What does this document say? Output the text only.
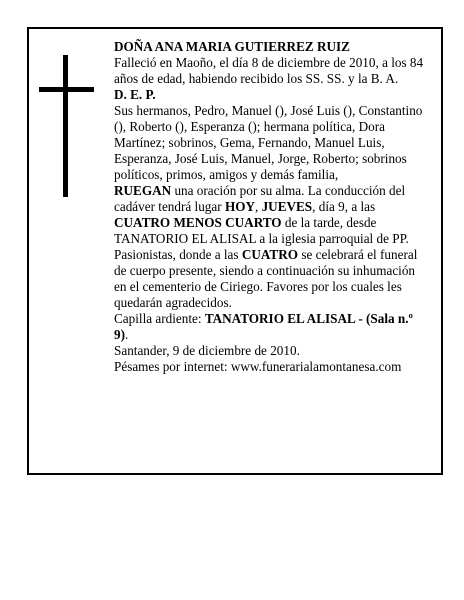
DOÑA ANA MARIA GUTIERREZ RUIZ

Falleció en Maoño, el día 8 de diciembre de 2010, a los 84 años de edad, habiendo recibido los SS. SS. y la B. A.

D. E. P.

Sus hermanos, Pedro, Manuel (), José Luis (), Constantino (), Roberto (), Esperanza (); hermana política, Dora Martínez; sobrinos, Gema, Fernando, Manuel Luis, Esperanza, José Luis, Manuel, Jorge, Roberto; sobrinos políticos, primos, amigos y demás familia,

RUEGAN una oración por su alma. La conducción del cadáver tendrá lugar HOY, JUEVES, día 9, a las CUATRO MENOS CUARTO de la tarde, desde TANATORIO EL ALISAL a la iglesia parroquial de PP. Pasionistas, donde a las CUATRO se celebrará el funeral de cuerpo presente, siendo a continuación su inhumación en el cementerio de Ciriego. Favores por los cuales les quedarán agradecidos.

Capilla ardiente: TANATORIO EL ALISAL - (Sala n.º 9).

Santander, 9 de diciembre de 2010.

Pésames por internet: www.funerarialamontanesa.com
